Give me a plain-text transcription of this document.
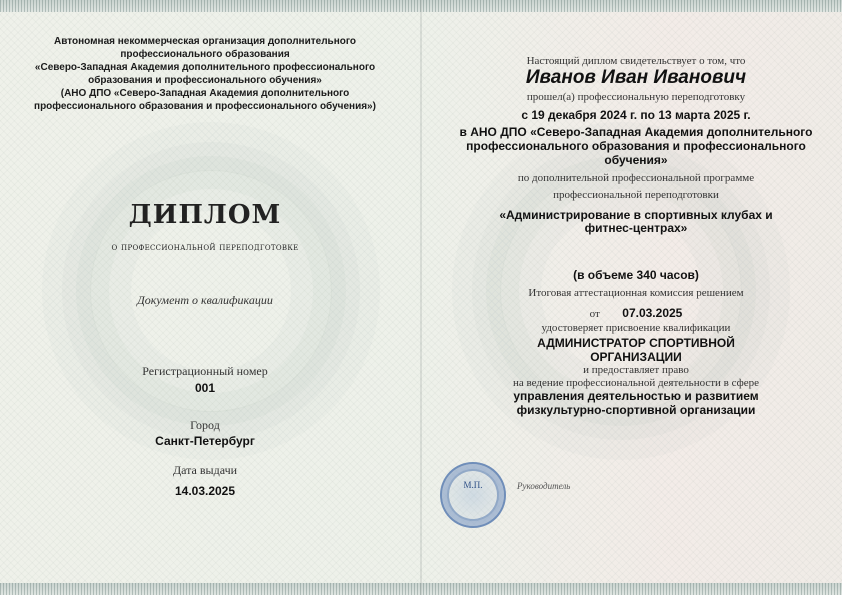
Автономная некоммерческая организация дополнительного
профессионального образования
«Северо-Западная Академия дополнительного профессионального
образования и профессионального обучения»
(АНО ДПО «Северо-Западная Академия дополнительного
профессионального образования и профессионального обучения»)
ДИПЛОМ
о профессиональной переподготовке
Документ о квалификации
Регистрационный номер
001
Город
Санкт-Петербург
Дата выдачи
14.03.2025
Настоящий диплом свидетельствует о том, что
Иванов Иван Иванович
прошел(а) профессиональную переподготовку
с 19 декабря 2024 г. по 13 марта 2025 г.
в АНО ДПО «Северо-Западная Академия дополнительного
профессионального образования и профессионального
обучения»
по дополнительной профессиональной программе
профессиональной переподготовки
«Администрирование в спортивных клубах и
фитнес-центрах»
(в объеме 340 часов)
Итоговая аттестационная комиссия решением
от 07.03.2025
удостоверяет присвоение квалификации
АДМИНИСТРАТОР СПОРТИВНОЙ
ОРГАНИЗАЦИИ
и предоставляет право
на ведение профессиональной деятельности в сфере
управления деятельностью и развитием
физкультурно-спортивной организации
М.П.	Руководитель
